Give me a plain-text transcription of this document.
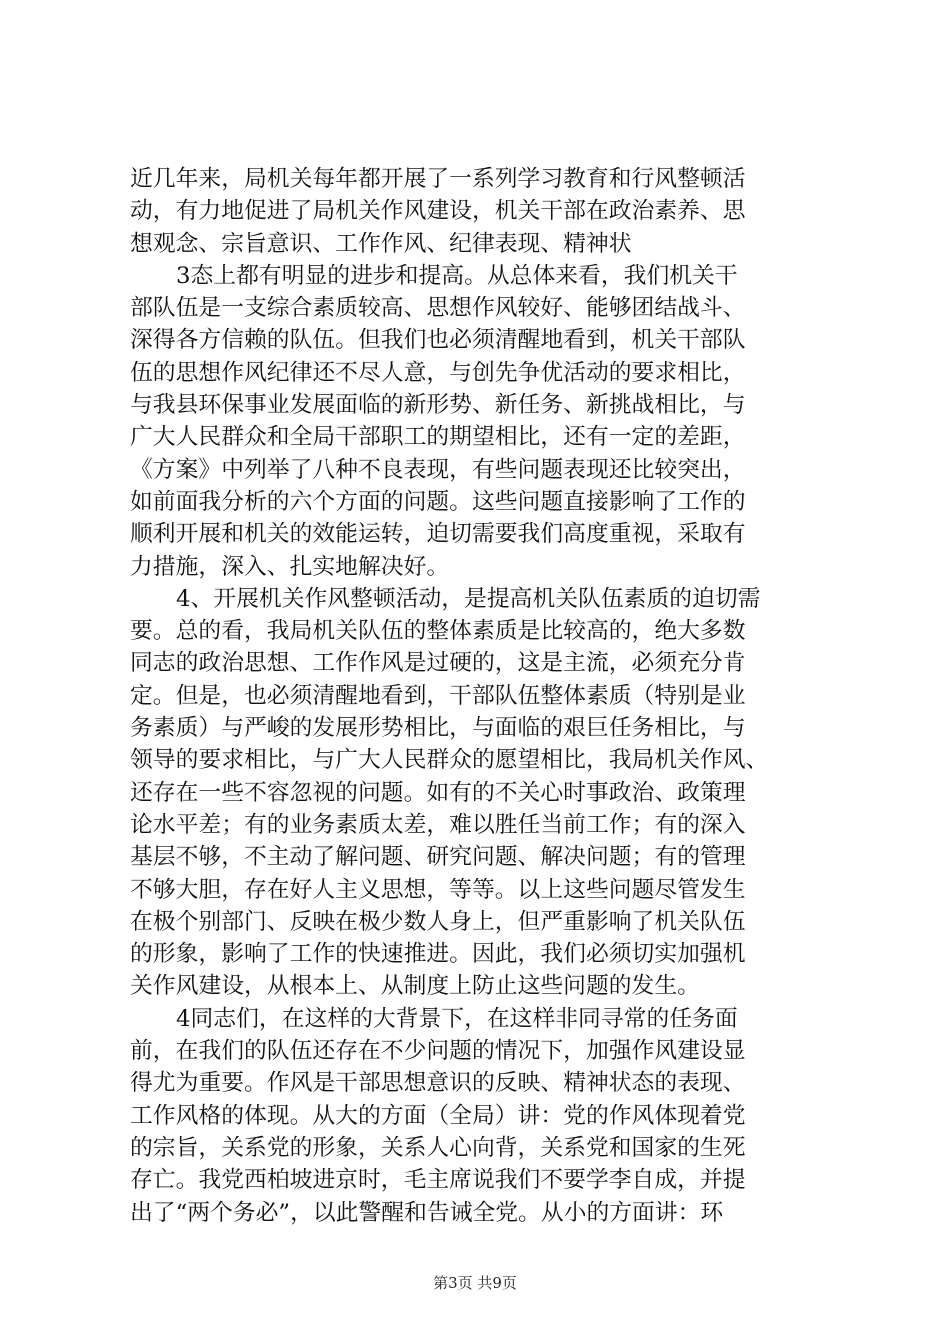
近几年来，局机关每年都开展了一系列学习教育和行风整顿活
动，有力地促进了局机关作风建设，机关干部在政治素养、思
想观念、宗旨意识、工作作风、纪律表现、精神状
3态上都有明显的进步和提高。从总体来看，我们机关干
部队伍是一支综合素质较高、思想作风较好、能够团结战斗、
深得各方信赖的队伍。但我们也必须清醒地看到，机关干部队
伍的思想作风纪律还不尽人意，与创先争优活动的要求相比，
与我县环保事业发展面临的新形势、新任务、新挑战相比，与
广大人民群众和全局干部职工的期望相比，还有一定的差距，
《方案》中列举了八种不良表现，有些问题表现还比较突出，
如前面我分析的六个方面的问题。这些问题直接影响了工作的
顺利开展和机关的效能运转，迫切需要我们高度重视，采取有
力措施，深入、扎实地解决好。
4、开展机关作风整顿活动，是提高机关队伍素质的迫切需
要。总的看，我局机关队伍的整体素质是比较高的，绝大多数
同志的政治思想、工作作风是过硬的，这是主流，必须充分肯
定。但是，也必须清醒地看到，干部队伍整体素质（特别是业
务素质）与严峻的发展形势相比，与面临的艰巨任务相比，与
领导的要求相比，与广大人民群众的愿望相比，我局机关作风、
还存在一些不容忽视的问题。如有的不关心时事政治、政策理
论水平差；有的业务素质太差，难以胜任当前工作；有的深入
基层不够，不主动了解问题、研究问题、解决问题；有的管理
不够大胆，存在好人主义思想，等等。以上这些问题尽管发生
在极个别部门、反映在极少数人身上，但严重影响了机关队伍
的形象，影响了工作的快速推进。因此，我们必须切实加强机
关作风建设，从根本上、从制度上防止这些问题的发生。
4同志们，在这样的大背景下，在这样非同寻常的任务面
前，在我们的队伍还存在不少问题的情况下，加强作风建设显
得尤为重要。作风是干部思想意识的反映、精神状态的表现、
工作风格的体现。从大的方面（全局）讲：党的作风体现着党
的宗旨，关系党的形象，关系人心向背，关系党和国家的生死
存亡。我党西柏坡进京时，毛主席说我们不要学李自成，并提
出了“两个务必”，以此警醒和告诫全党。从小的方面讲：环
第3页 共9页
